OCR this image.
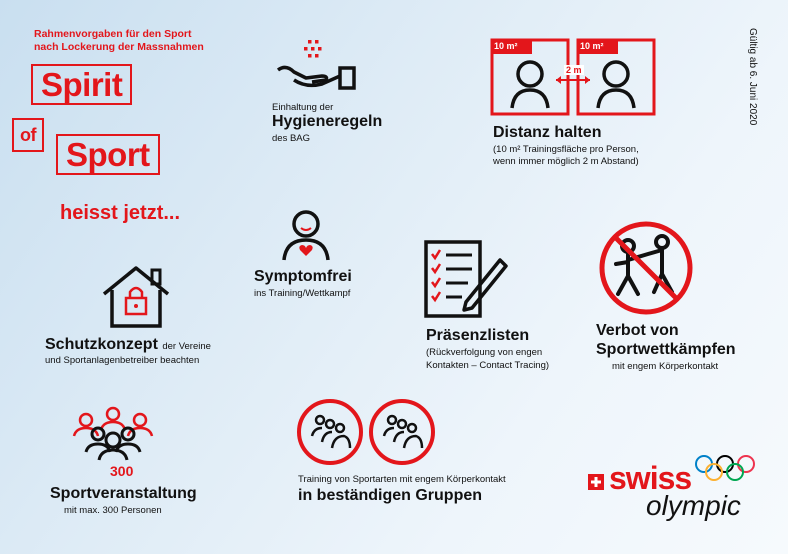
Rahmenvorgaben für den Sport
nach Lockerung der Massnahmen
Spirit
of
Sport
heisst jetzt...
Gültig ab 6. Juni 2020
Einhaltung der
Hygieneregeln
des BAG
10 m²	10 m²
2 m
Distanz halten
(10 m² Trainingsfläche pro Person,
wenn immer möglich 2 m Abstand)
Symptomfrei
ins Training/Wettkampf
Schutzkonzept der Vereine
und Sportanlagenbetreiber beachten
Präsenzlisten
(Rückverfolgung von engen
Kontakten – Contact Tracing)
Verbot von
Sportwettkämpfen
mit engem Körperkontakt
300
Sportveranstaltung
mit max. 300 Personen
Training von Sportarten mit engem Körperkontakt
in beständigen Gruppen	swiss
olympic
